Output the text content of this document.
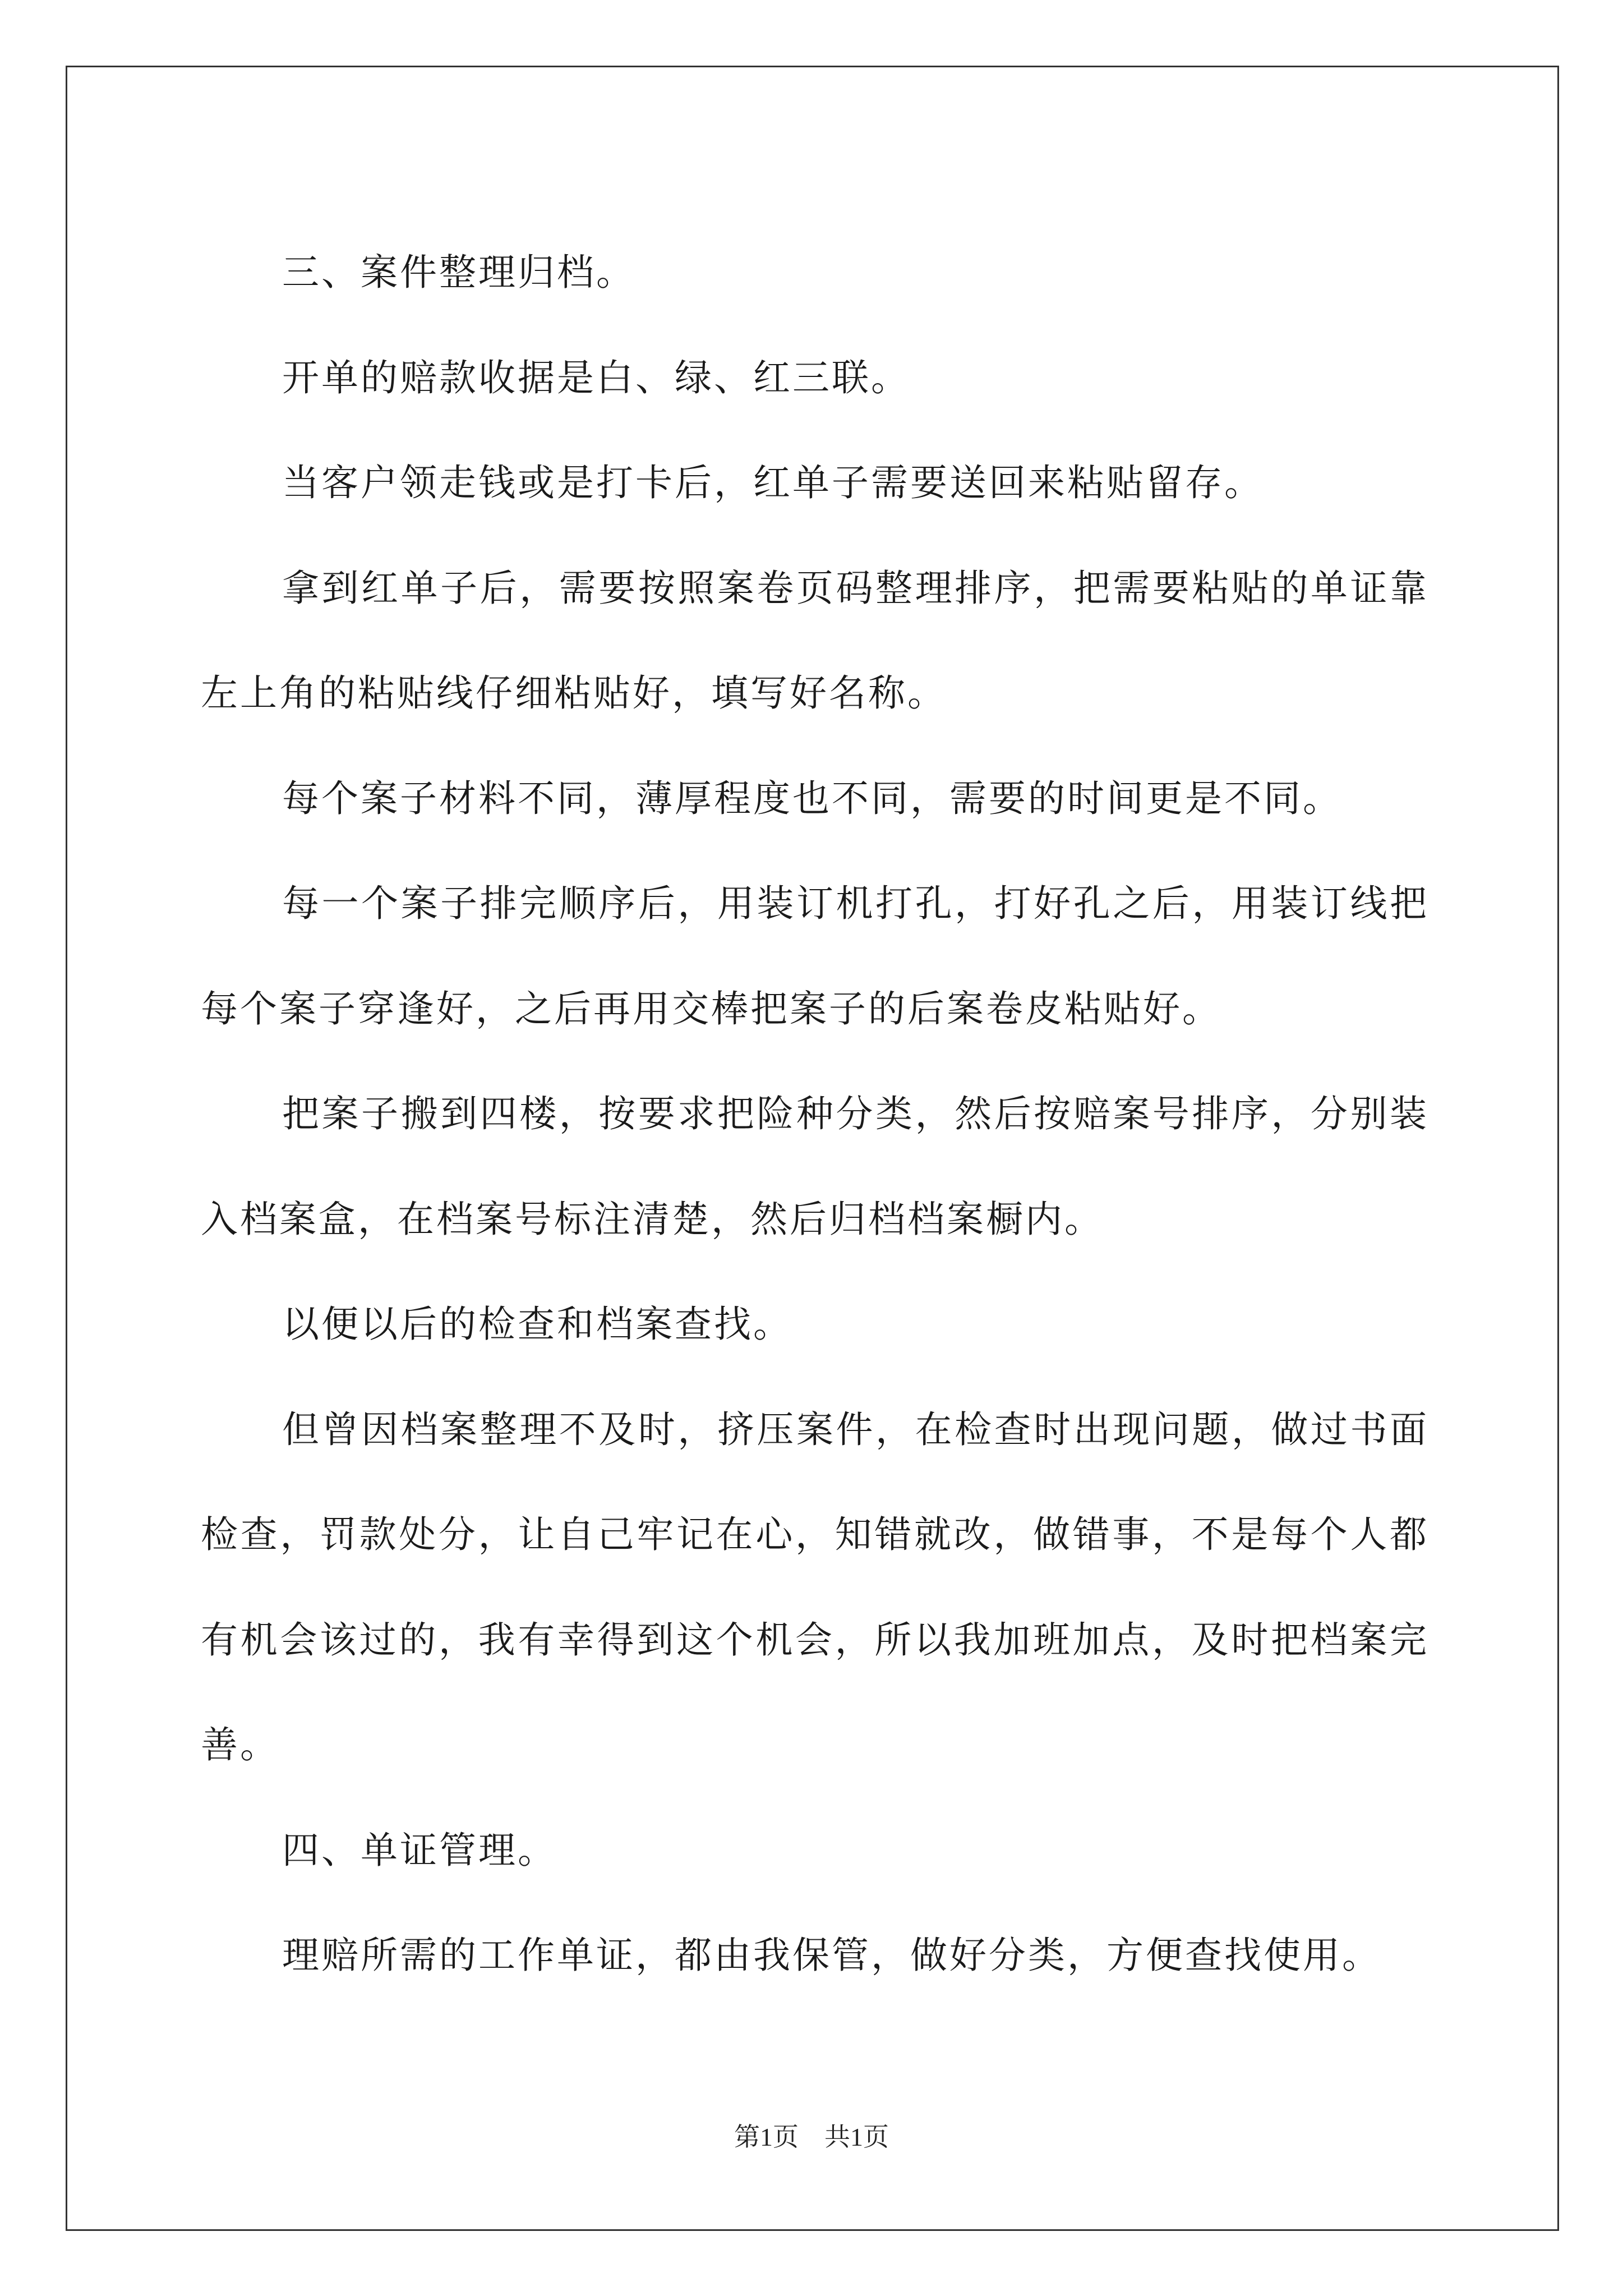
三、案件整理归档。

开单的赔款收据是白、绿、红三联。

当客户领走钱或是打卡后，红单子需要送回来粘贴留存。

拿到红单子后，需要按照案卷页码整理排序，把需要粘贴的单证靠左上角的粘贴线仔细粘贴好，填写好名称。

每个案子材料不同，薄厚程度也不同，需要的时间更是不同。

每一个案子排完顺序后，用装订机打孔，打好孔之后，用装订线把每个案子穿逢好，之后再用交棒把案子的后案卷皮粘贴好。

把案子搬到四楼，按要求把险种分类，然后按赔案号排序，分别装入档案盒，在档案号标注清楚，然后归档档案橱内。

以便以后的检查和档案查找。

但曾因档案整理不及时，挤压案件，在检查时出现问题，做过书面检查，罚款处分，让自己牢记在心，知错就改，做错事，不是每个人都有机会该过的，我有幸得到这个机会，所以我加班加点，及时把档案完善。

四、单证管理。

理赔所需的工作单证，都由我保管，做好分类，方便查找使用。

第1页　共1页
